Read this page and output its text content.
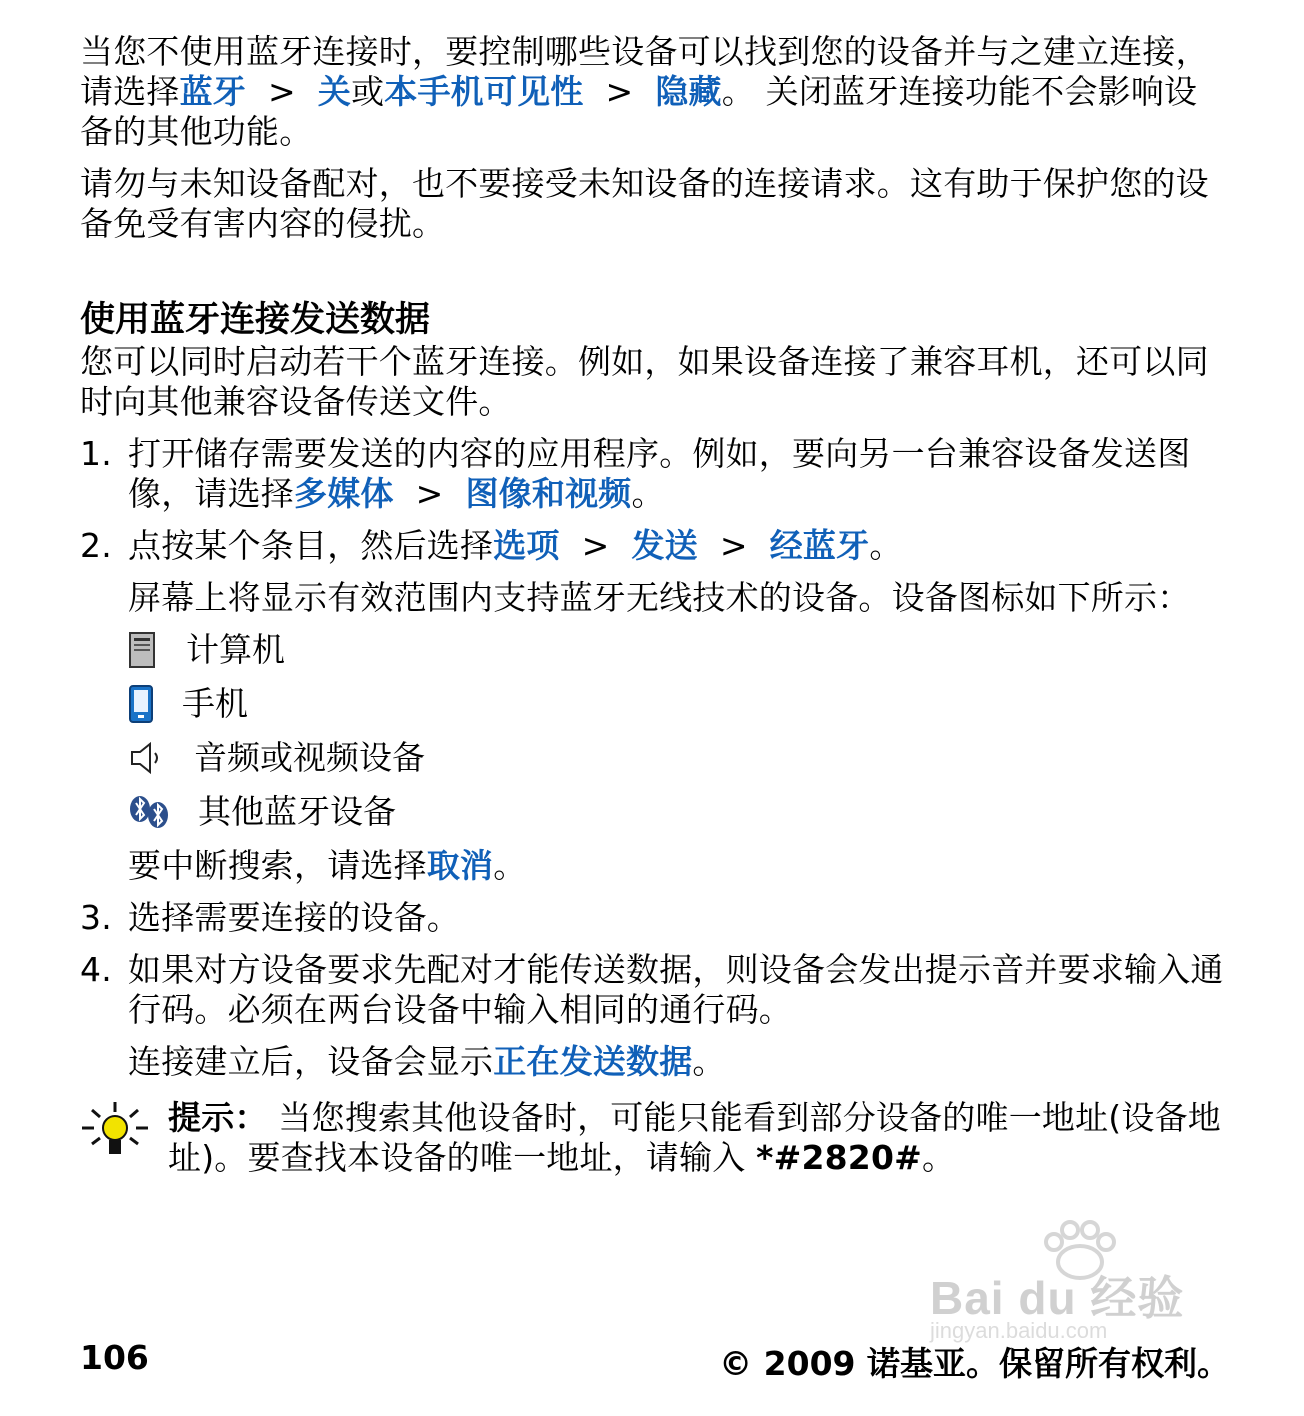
当您不使用蓝牙连接时，要控制哪些设备可以找到您的设备并与之建立连接，请选择蓝牙 > 关或本手机可见性 > 隐藏。 关闭蓝牙连接功能不会影响设备的其他功能。

请勿与未知设备配对，也不要接受未知设备的连接请求。这有助于保护您的设备免受有害内容的侵扰。

使用蓝牙连接发送数据

您可以同时启动若干个蓝牙连接。例如，如果设备连接了兼容耳机，还可以同时向其他兼容设备传送文件。

1. 打开储存需要发送的内容的应用程序。例如，要向另一台兼容设备发送图像，请选择多媒体 > 图像和视频。

2. 点按某个条目，然后选择选项 > 发送 > 经蓝牙。

屏幕上将显示有效范围内支持蓝牙无线技术的设备。设备图标如下所示：

计算机
手机
音频或视频设备
其他蓝牙设备

要中断搜索，请选择取消。

3. 选择需要连接的设备。

4. 如果对方设备要求先配对才能传送数据，则设备会发出提示音并要求输入通行码。必须在两台设备中输入相同的通行码。

连接建立后，设备会显示正在发送数据。

提示： 当您搜索其他设备时，可能只能看到部分设备的唯一地址(设备地址)。要查找本设备的唯一地址，请输入 *#2820#。
Bai du 经验
jingyan.baidu.com
106	© 2009 诺基亚。保留所有权利。
